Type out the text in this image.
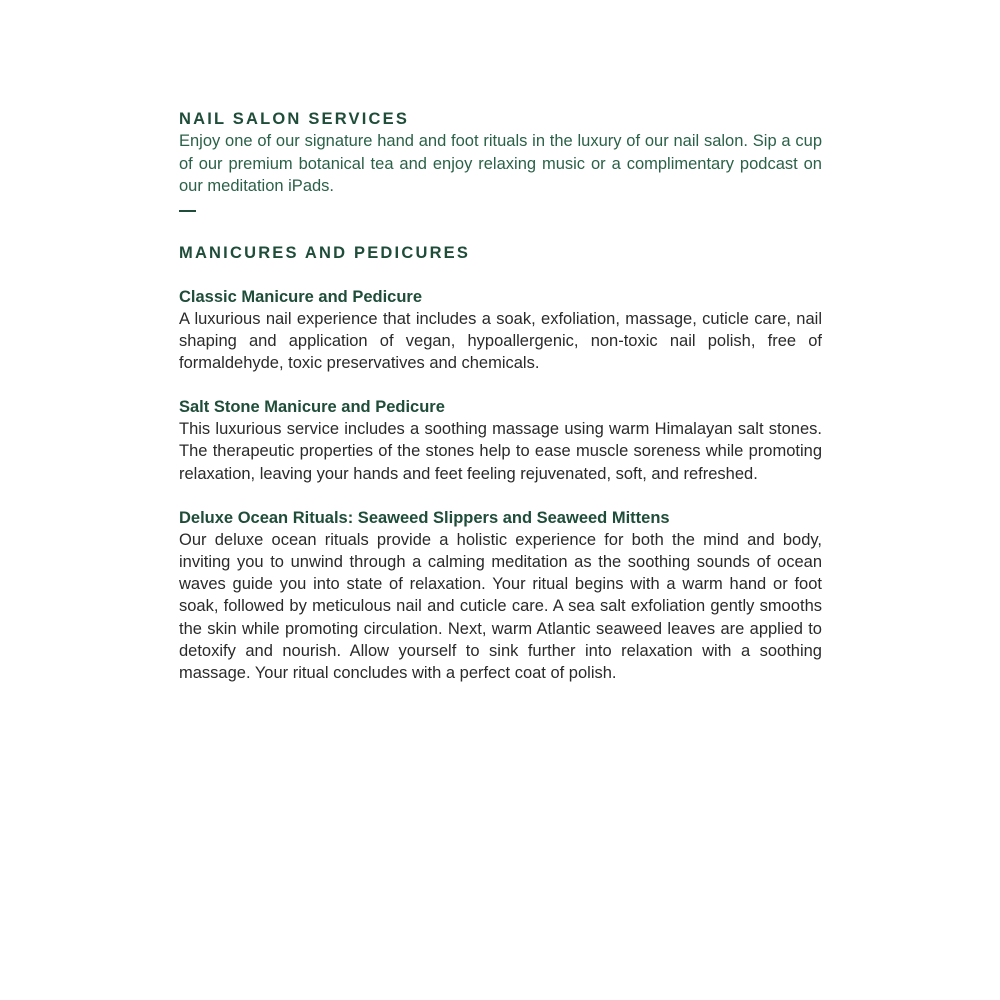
NAIL SALON SERVICES

Enjoy one of our signature hand and foot rituals in the luxury of our nail salon. Sip a cup of our premium botanical tea and enjoy relaxing music or a complimentary podcast on our meditation iPads.

MANICURES AND PEDICURES
Classic Manicure and Pedicure

A luxurious nail experience that includes a soak, exfoliation, massage, cuticle care, nail shaping and application of vegan, hypoallergenic, non-toxic nail polish, free of formaldehyde, toxic preservatives and chemicals.

Salt Stone Manicure and Pedicure

This luxurious service includes a soothing massage using warm Himalayan salt stones. The therapeutic properties of the stones help to ease muscle soreness while promoting relaxation, leaving your hands and feet feeling rejuvenated, soft, and refreshed.

Deluxe Ocean Rituals: Seaweed Slippers and Seaweed Mittens

Our deluxe ocean rituals provide a holistic experience for both the mind and body, inviting you to unwind through a calming meditation as the soothing sounds of ocean waves guide you into state of relaxation. Your ritual begins with a warm hand or foot soak, followed by meticulous nail and cuticle care. A sea salt exfoliation gently smooths the skin while promoting circulation. Next, warm Atlantic seaweed leaves are applied to detoxify and nourish. Allow yourself to sink further into relaxation with a soothing massage. Your ritual concludes with a perfect coat of polish.
